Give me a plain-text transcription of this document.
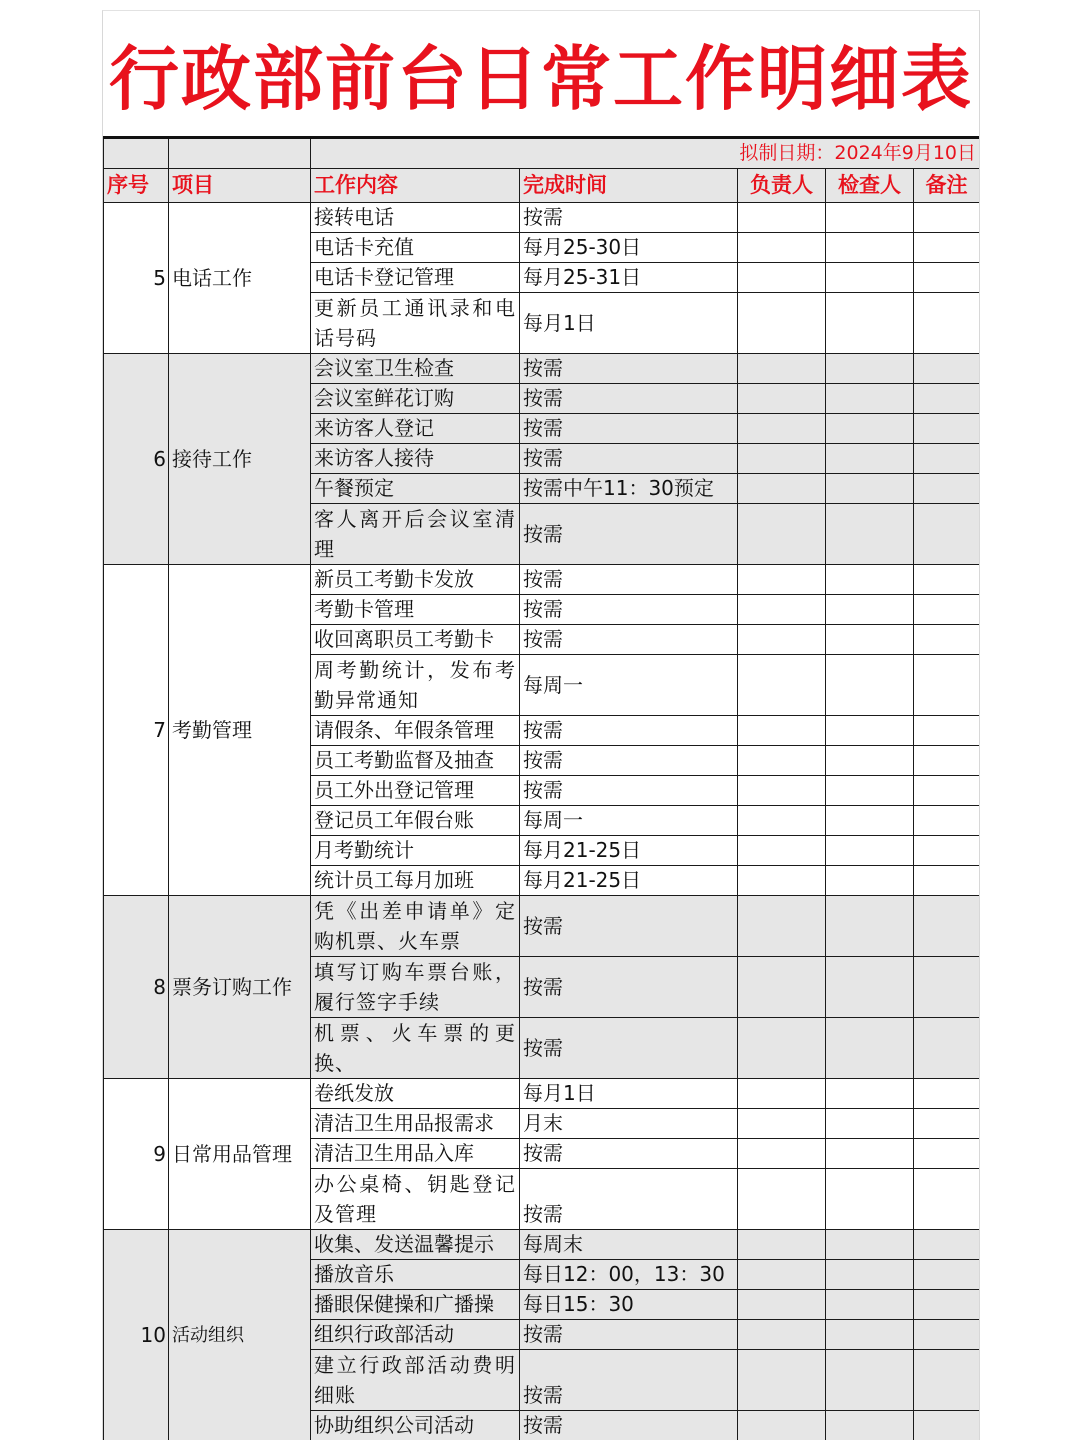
行政部前台日常工作明细表
		拟制日期：2024年9月10日				
序号	项目	工作内容	完成时间	负责人	检查人	备注
5	电话工作	接转电话	按需			
		电话卡充值	每月25-30日			
		电话卡登记管理	每月25-31日			
		更新员工通讯录和电话号码	每月1日			
6	接待工作	会议室卫生检查	按需			
		会议室鲜花订购	按需			
		来访客人登记	按需			
		来访客人接待	按需			
		午餐预定	按需中午11：30预定			
		客人离开后会议室清理	按需			
7	考勤管理	新员工考勤卡发放	按需			
		考勤卡管理	按需			
		收回离职员工考勤卡	按需			
		周考勤统计，发布考勤异常通知	每周一			
		请假条、年假条管理	按需			
		员工考勤监督及抽查	按需			
		员工外出登记管理	按需			
		登记员工年假台账	每周一			
		月考勤统计	每月21-25日			
		统计员工每月加班	每月21-25日			
8	票务订购工作	凭《出差申请单》定购机票、火车票	按需			
		填写订购车票台账，履行签字手续	按需			
		机票、火车票的更换、	按需			
9	日常用品管理	卷纸发放	每月1日			
		清洁卫生用品报需求	月末			
		清洁卫生用品入库	按需			
		办公桌椅、钥匙登记及管理	按需			
10	活动组织	收集、发送温馨提示	每周末			
		播放音乐	每日12：00，13：30			
		播眼保健操和广播操	每日15：30			
		组织行政部活动	按需			
		建立行政部活动费明细账	按需			
		协助组织公司活动	按需			
